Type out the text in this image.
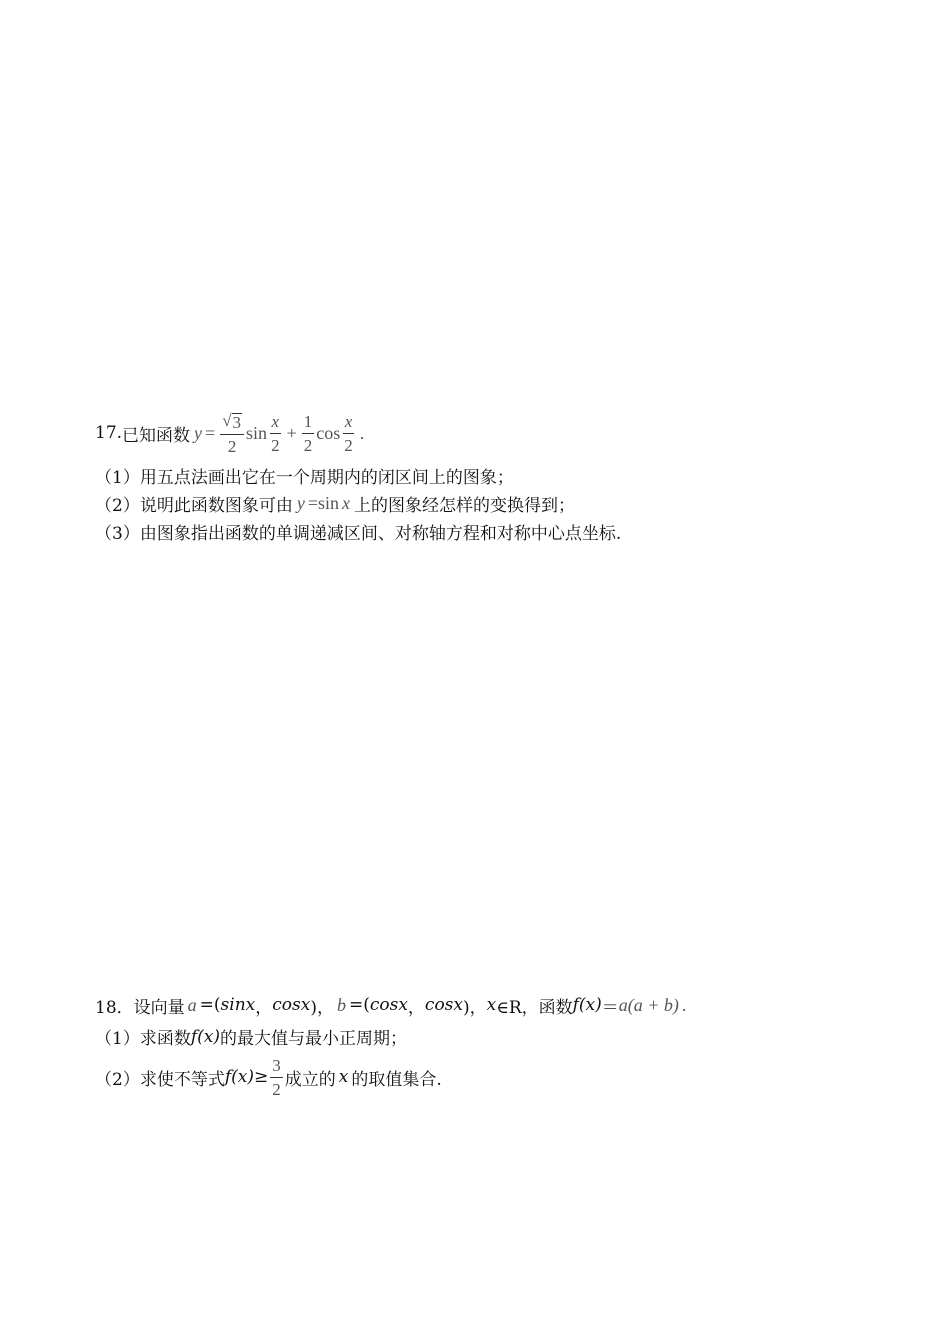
17. 已知函数 $y = \frac{√ 3}{2}$ $\sin \frac{x}{2} + \frac{1}{2}$ $\cos \frac{x}{2}$ .
（1）用五点法画出它在一个周期内的闭区间上的图象；
（2）说明此函数图象可由 y =sin x 上的图象经怎样的变换得到；
（3）由图象指出函数的单调递减区间、对称轴方程和对称中心点坐标.
18． 设向量 a =( sinx ， cosx )， b =( cosx ， cosx )， x ∈R，函数 f(x) ＝ a(a + b) .
（1）求函数 f(x) 的最大值与最小正周期；
（2）求使不等式 $f(x) \ge \frac{3}{2}$ 成立的 x 的取值集合.
